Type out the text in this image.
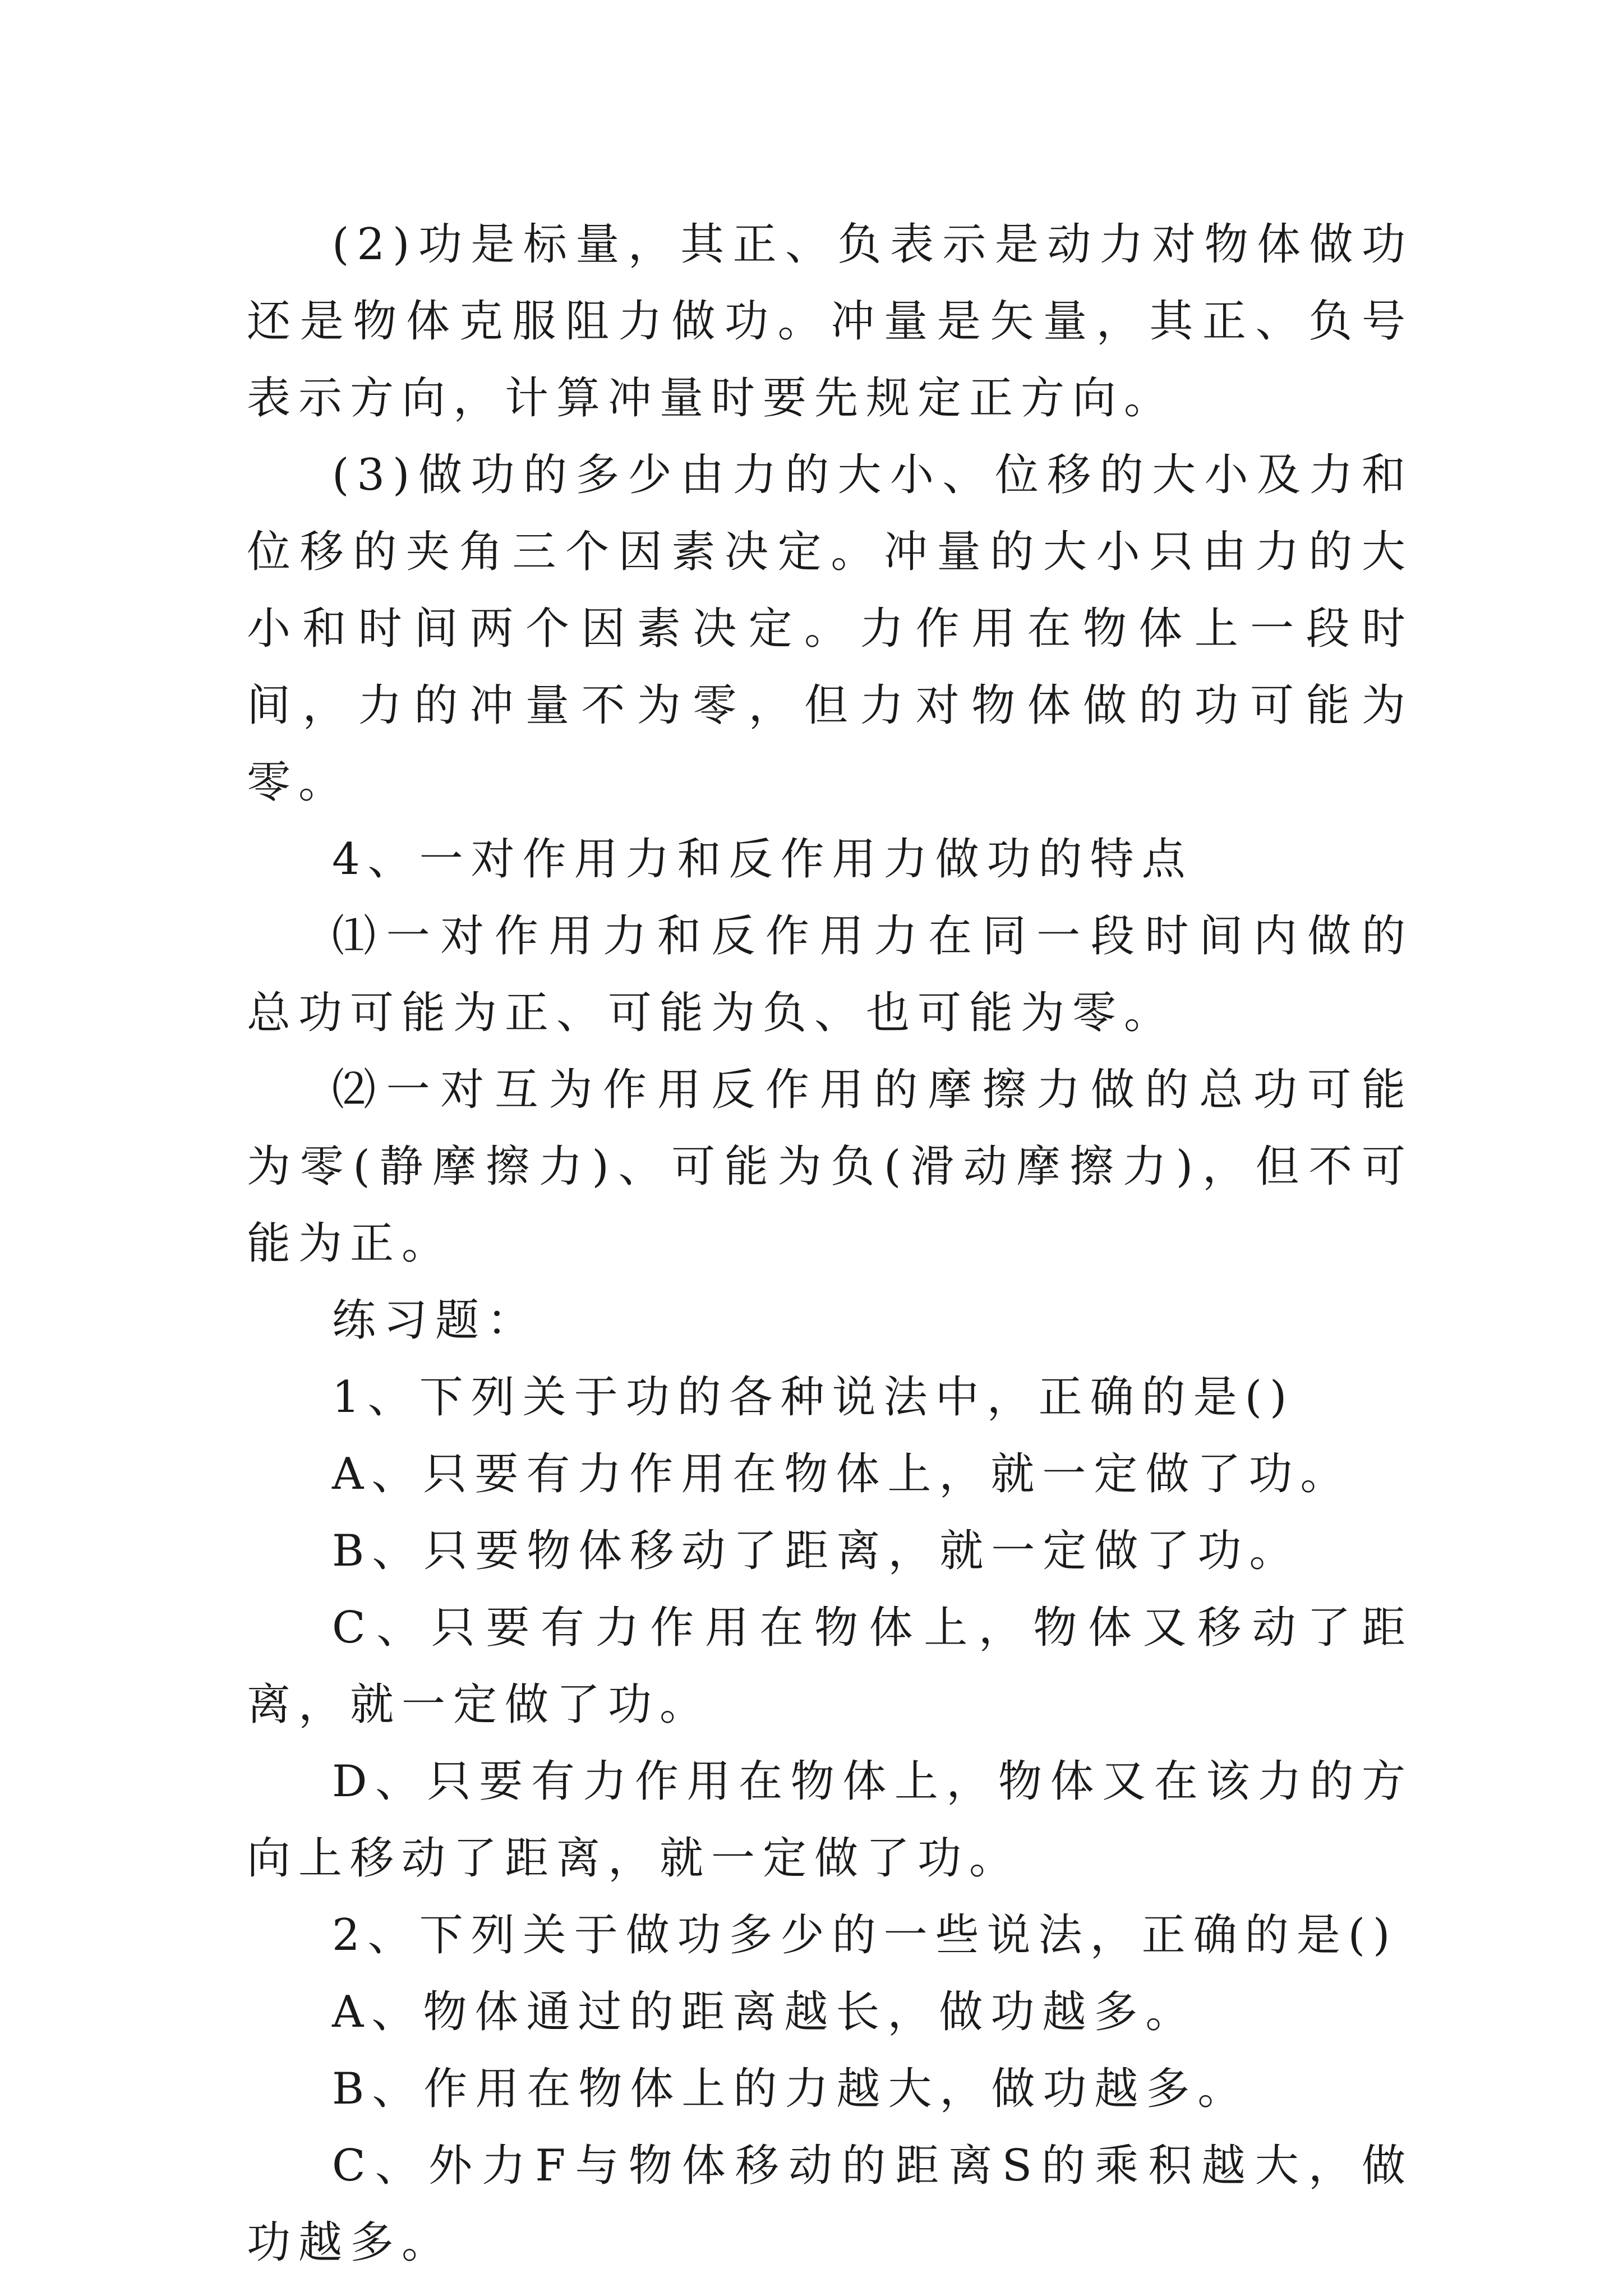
(2)功是标量，其正、负表示是动力对物体做功还是物体克服阻力做功。冲量是矢量，其正、负号表示方向，计算冲量时要先规定正方向。

(3)做功的多少由力的大小、位移的大小及力和位移的夹角三个因素决定。冲量的大小只由力的大小和时间两个因素决定。力作用在物体上一段时间，力的冲量不为零，但力对物体做的功可能为零。

4、一对作用力和反作用力做功的特点

⑴一对作用力和反作用力在同一段时间内做的总功可能为正、可能为负、也可能为零。

⑵一对互为作用反作用的摩擦力做的总功可能为零(静摩擦力)、可能为负(滑动摩擦力)，但不可能为正。

练习题：

1、下列关于功的各种说法中，正确的是()

A、只要有力作用在物体上，就一定做了功。

B、只要物体移动了距离，就一定做了功。

C、只要有力作用在物体上，物体又移动了距离，就一定做了功。

D、只要有力作用在物体上，物体又在该力的方向上移动了距离，就一定做了功。

2、下列关于做功多少的一些说法，正确的是()

A、物体通过的距离越长，做功越多。

B、作用在物体上的力越大，做功越多。

C、外力F与物体移动的距离S的乘积越大，做功越多。
